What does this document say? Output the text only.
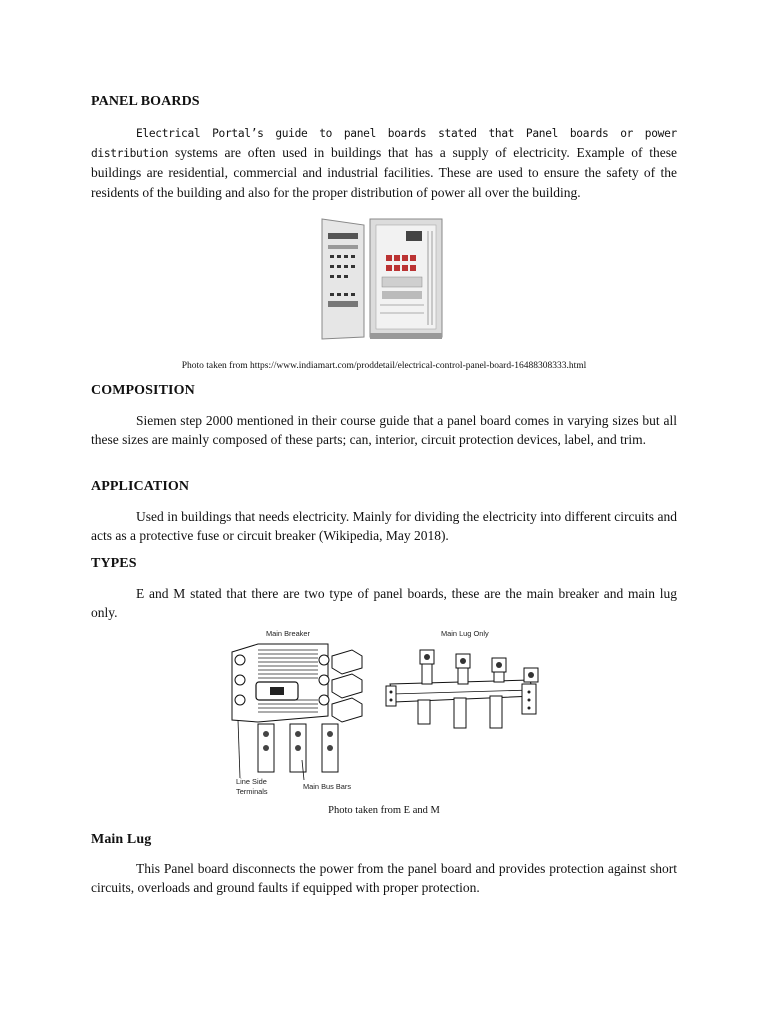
PANEL BOARDS

Electrical Portal’s guide to panel boards stated that Panel boards or power distribution systems are often used in buildings that has a supply of electricity. Example of these buildings are residential, commercial and industrial facilities. These are used to ensure the safety of the residents of the building and also for the proper distribution of power all over the building.

Photo taken from https://www.indiamart.com/proddetail/electrical-control-panel-board-16488308333.html
COMPOSITION

Siemen step 2000 mentioned in their course guide that a panel board comes in varying sizes but all these sizes are mainly composed of these parts; can, interior, circuit protection devices, label, and trim.

APPLICATION

Used in buildings that needs electricity. Mainly for dividing the electricity into different circuits and acts as a protective fuse or circuit breaker (Wikipedia, May 2018).

TYPES

E and M stated that there are two type of panel boards, these are the main breaker and main lug only.

Main Breaker	Main Lug Only
Line Side
Terminals
Main Bus Bars
Photo taken from E and M
Main Lug

This Panel board disconnects the power from the panel board and provides protection against short circuits, overloads and ground faults if equipped with proper protection.
